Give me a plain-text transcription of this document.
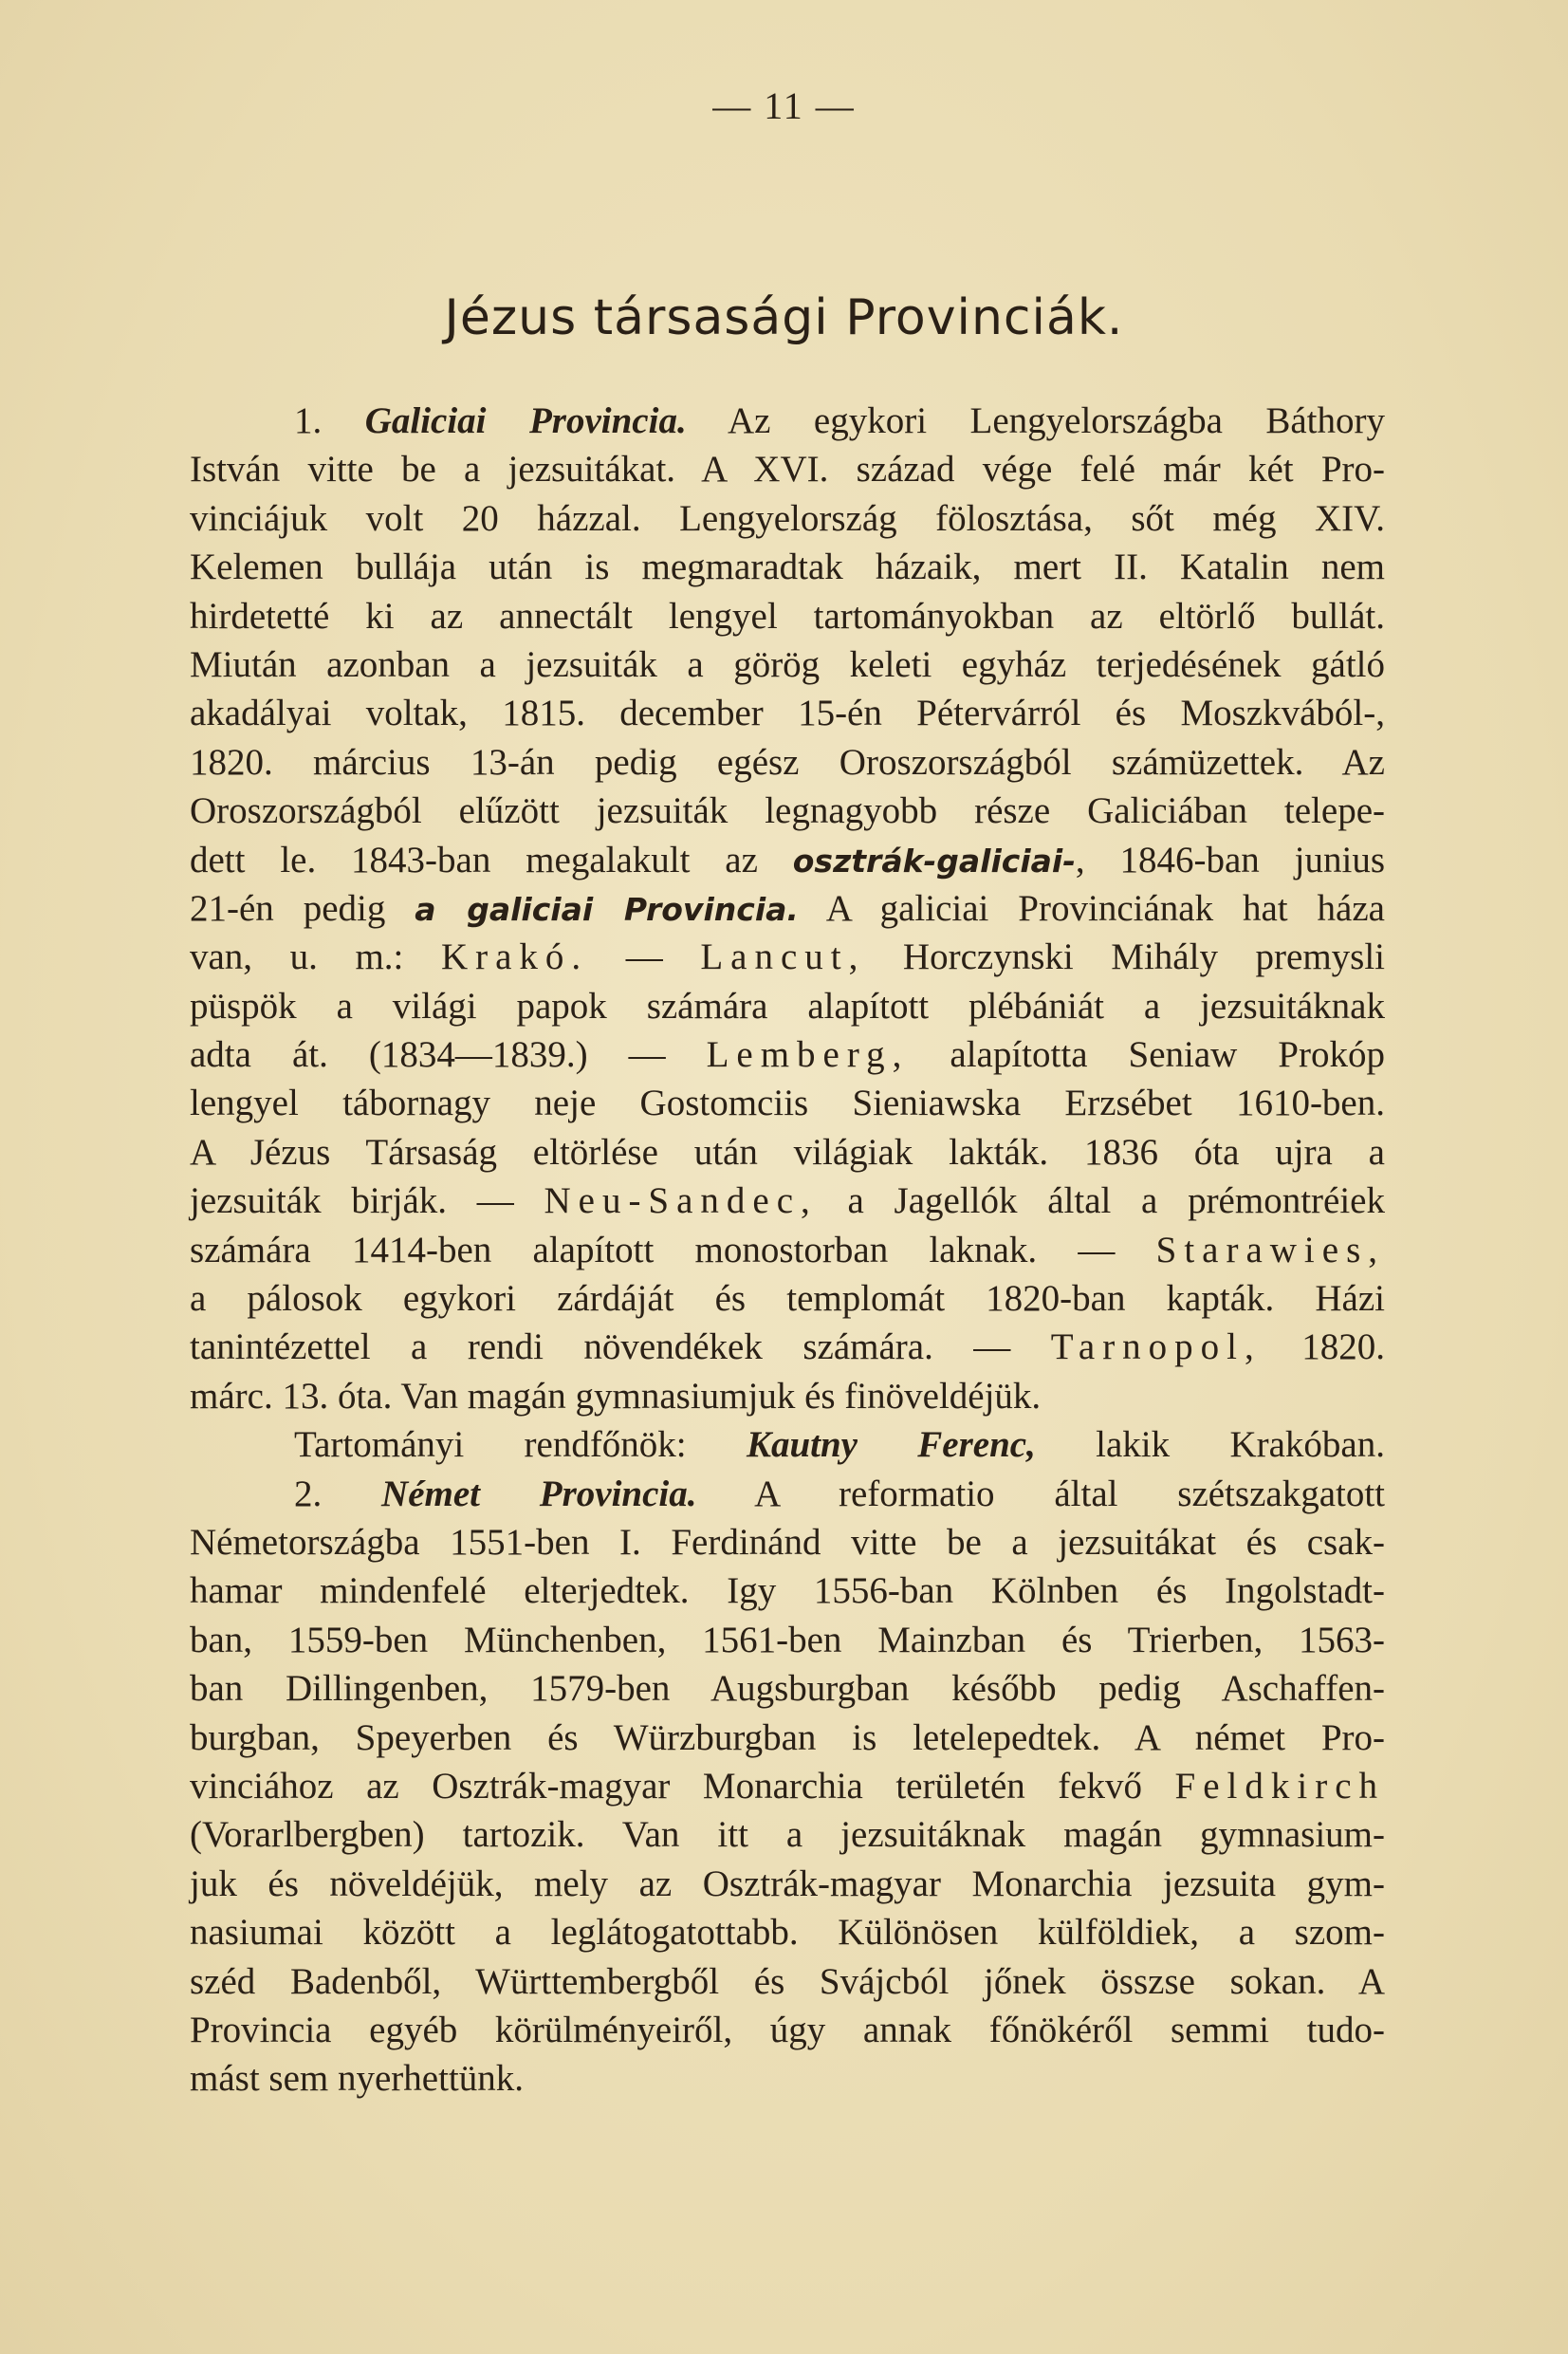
— 11 —
Jézus társasági Provinciák.
1. Galiciai Provincia. Az egykori Lengyelországba Báthory
István vitte be a jezsuitákat. A XVI. század vége felé már két Pro-
vinciájuk volt 20 házzal. Lengyelország fölosztása, sőt még XIV.
Kelemen bullája után is megmaradtak házaik, mert II. Katalin nem
hirdetetté ki az annectált lengyel tartományokban az eltörlő bullát.
Miután azonban a jezsuiták a görög keleti egyház terjedésének gátló
akadályai voltak, 1815. december 15-én Pétervárról és Moszkvából-,
1820. március 13-án pedig egész Oroszországból számüzettek. Az
Oroszországból elűzött jezsuiták legnagyobb része Galiciában telepe-
dett le. 1843-ban megalakult az osztrák-galiciai-, 1846-ban junius
21-én pedig a galiciai Provincia. A galiciai Provinciának hat háza
van, u. m.: Krakó. — Lancut, Horczynski Mihály premysli
püspök a világi papok számára alapított plébániát a jezsuitáknak
adta át. (1834—1839.) — Lemberg, alapította Seniaw Prokóp
lengyel tábornagy neje Gostomciis Sieniawska Erzsébet 1610-ben.
A Jézus Társaság eltörlése után világiak lakták. 1836 óta ujra a
jezsuiták birják. — Neu-Sandec, a Jagellók által a prémontréiek
számára 1414-ben alapított monostorban laknak. — Starawies,
a pálosok egykori zárdáját és templomát 1820-ban kapták. Házi
tanintézettel a rendi növendékek számára. — Tarnopol, 1820.
márc. 13. óta. Van magán gymnasiumjuk és finöveldéjük.
Tartományi rendfőnök: Kautny Ferenc, lakik Krakóban.
2. Német Provincia. A reformatio által szétszakgatott
Németországba 1551-ben I. Ferdinánd vitte be a jezsuitákat és csak-
hamar mindenfelé elterjedtek. Igy 1556-ban Kölnben és Ingolstadt-
ban, 1559-ben Münchenben, 1561-ben Mainzban és Trierben, 1563-
ban Dillingenben, 1579-ben Augsburgban később pedig Aschaffen-
burgban, Speyerben és Würzburgban is letelepedtek. A német Pro-
vinciához az Osztrák-magyar Monarchia területén fekvő Feldkirch
(Vorarlbergben) tartozik. Van itt a jezsuitáknak magán gymnasium-
juk és növeldéjük, mely az Osztrák-magyar Monarchia jezsuita gym-
nasiumai között a leglátogatottabb. Különösen külföldiek, a szom-
széd Badenből, Württembergből és Svájcból jőnek összse sokan. A
Provincia egyéb körülményeiről, úgy annak főnökéről semmi tudo-
mást sem nyerhettünk.
